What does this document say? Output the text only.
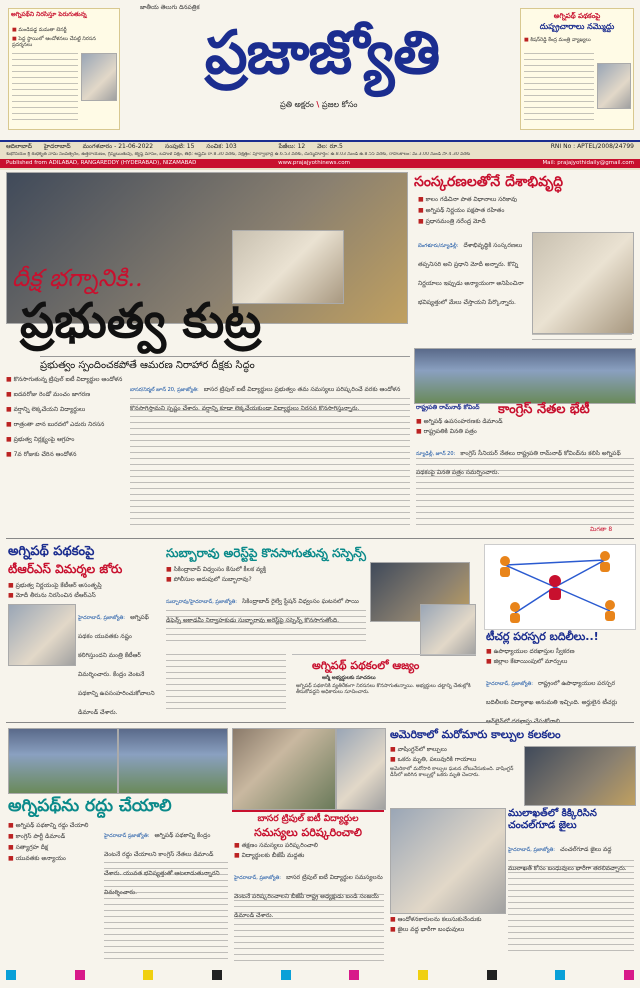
అగ్నిపథ్‌ని నిరసిస్తూ పెరుగుతున్న
■ మండిపడ్డ మమతా బెనర్జీ
■ పెద్ద స్థాయిలో ఆందోళనలు చేపట్టి నిరసన ప్రదర్శనలు
జాతీయ తెలుగు దినపత్రిక
ప్రజాజ్యోతి
ప్రతి అక్షరం \ ప్రజల కోసం
అగ్నిపథ్ పథకంపై
దుష్ప్రచారాలు నమ్మొద్దు
■ కిషన్‌రెడ్డి కేంద్ర మంత్రి వ్యాఖ్యలు
ఆదిలాబాద్ హైదరాబాద్ మంగళవారం - 21-06-2022 సంపుటి: 15 సంచిక: 103	పేజీలు: 12 వెల: రూ.5	RNI No : APTEL/2008/24799
శుభోదయం శ్రీ శుభకృత్ నామ సంవత్సరం, ఉత్తరాయణం, గ్రీష్మఋతువు, జ్యేష్ఠ మాసం, బహుళ పక్షం, తిథి: అష్టమి రా.8.30 వరకు, నక్షత్రం: పూర్వాభాద్ర ఉ.6.53 వరకు, దుర్ముహూర్తం: ఉ.8.03 నుండి ఉ.8.55 వరకు, రాహుకాలం: మ.3.00 నుండి సా.4.30 వరకు
Published from ADILABAD, RANGAREDDY (HYDERABAD), NIZAMABAD	www.prajajyothinews.com	Mail: prajajyothidaily@gmail.com
దీక్ష భగ్నానికి..
ప్రభుత్వ కుట్ర
ప్రభుత్వం స్పందించకపోతే ఆమరణ నిరాహార దీక్షకు సిద్ధం
■ కొనసాగుతున్న ట్రిపుల్ ఐటీ విద్యార్థుల ఆందోళన
■ ఐదవరోజు రెండో మంచం జాగరణ
■ వర్షాన్ని లెక్కచేయని విద్యార్థులు
■ రాత్రంతా వాన బురదలో ఎదురు నిరసన
■ ప్రభుత్వ నిర్లక్ష్యంపై ఆగ్రహం
■ 7వ రోజుకు చేరిన ఆందోళన
బాసర/నిర్మల్ జూన్ 20, ప్రజాజ్యోతి: బాసర ట్రిపుల్ ఐటీ విద్యార్థులు ప్రభుత్వం తమ సమస్యలు పరిష్కరించే వరకు ఆందోళన కొనసాగిస్తామని స్పష్టం చేశారు. వర్షాన్ని కూడా లెక్కచేయకుండా విద్యార్థులు నిరసన కొనసాగిస్తున్నారు.
సంస్కరణలతోనే దేశాభివృద్ధి
■ కాలం గడిచినా పాత విధానాలు సరికావు
■ అగ్నిపథ్ నిర్ణయం పక్షపాత రహితం
■ ప్రధానమంత్రి నరేంద్ర మోదీ
బెంగళూరు/న్యూఢిల్లీ: దేశాభివృద్ధికి సంస్కరణలు తప్పనిసరి అని ప్రధాని మోదీ అన్నారు. కొన్ని నిర్ణయాలు ఇప్పుడు అన్యాయంగా అనిపించినా భవిష్యత్తులో మేలు చేస్తాయని పేర్కొన్నారు.
రాష్ట్రపతి రామ్‌నాథ్ కోవింద్	కాంగ్రెస్ నేతల భేటీ
■ అగ్నిపథ్ ఉపసంహరణకు డిమాండ్
■ రాష్ట్రపతికి వినతి పత్రం
న్యూఢిల్లీ, జూన్ 20: కాంగ్రెస్ సీనియర్ నేతలు రాష్ట్రపతి రామ్‌నాథ్ కోవింద్‌ను కలిసి అగ్నిపథ్ పథకంపై వినతి పత్రం సమర్పించారు.
అగ్నిపథ్ పథకంపై
టీఆర్‌ఎస్ విమర్శల జోరు
■ ప్రభుత్వ నిర్ణయంపై కేటీఆర్ అసంతృప్తి
■ మోదీ తీరును నిరసించిన టీఆర్ఎస్
హైదరాబాద్, ప్రజాజ్యోతి: అగ్నిపథ్ పథకం యువతకు నష్టం కలిగిస్తుందని మంత్రి కేటీఆర్ విమర్శించారు. కేంద్రం వెంటనే పథకాన్ని ఉపసంహరించుకోవాలని డిమాండ్ చేశారు.
సుబ్బారావు అరెస్ట్‌పై కొనసాగుతున్న సస్పెన్స్
■ సికింద్రాబాద్ విధ్వంసం కేసులో కీలక వ్యక్తి
■ పోలీసుల అదుపులో సుబ్బారావు?
సుబ్బారావు/హైదరాబాద్, ప్రజాజ్యోతి: సికింద్రాబాద్ రైల్వే స్టేషన్ విధ్వంసం ఘటనలో సాయి డిఫెన్స్ అకాడమీ నిర్వాహకుడు సుబ్బారావు అరెస్ట్‌పై సస్పెన్స్ కొనసాగుతోంది.
అగ్నిపథ్ పథకంలో ఆజ్యం
ఆర్మీ అభ్యర్థులకు సూచనలు
అగ్నిపథ్ పథకానికి వ్యతిరేకంగా నిరసనలు కొనసాగుతున్నాయి. అభ్యర్థులు చట్టాన్ని చేతుల్లోకి తీసుకోవద్దని అధికారులు సూచించారు.
టీచర్ల పరస్పర బదిలీలు..!
■ ఉపాధ్యాయుల దరఖాస్తుల స్వీకరణ
■ జిల్లాల కేటాయింపులో మార్పులు
హైదరాబాద్, ప్రజాజ్యోతి: రాష్ట్రంలో ఉపాధ్యాయుల పరస్పర బదిలీలకు విద్యాశాఖ అనుమతి ఇచ్చింది. అర్హులైన టీచర్లు
అగ్నిపథ్‌ను రద్దు చేయాలి
■ అగ్నిపథ్ పథకాన్ని రద్దు చేయాలి
■ కాంగ్రెస్ పార్టీ డిమాండ్
■ సత్యాగ్రహ దీక్ష
■ యువతకు అన్యాయం
హైదరాబాద్ ప్రజాజ్యోతి: అగ్నిపథ్ పథకాన్ని కేంద్రం వెంటనే రద్దు చేయాలని కాంగ్రెస్ నేతలు డిమాండ్ చేశారు. యువత భవిష్యత్తుతో ఆటలాడుతున్నారని విమర్శించారు.
బాసర ట్రిపుల్ ఐటీ విద్యార్థుల
సమస్యలు పరిష్కరించాలి
■ తక్షణం సమస్యలు పరిష్కరించాలి
■ విద్యార్థులకు బీజేపీ మద్దతు
హైదరాబాద్, ప్రజాజ్యోతి: బాసర ట్రిపుల్ ఐటీ విద్యార్థుల సమస్యలను వెంటనే పరిష్కరించాలని బీజేపీ రాష్ట్ర అధ్యక్షుడు బండి సంజయ్ డిమాండ్ చేశారు.
అమెరికాలో మరోమారు కాల్పుల కలకలం
■ వాషింగ్టన్‌లో కాల్పులు
■ ఒకరు మృతి, పలువురికి గాయాలు
అమెరికాలో మరోసారి కాల్పుల ఘటన చోటుచేసుకుంది. వాషింగ్టన్ డీసీలో జరిగిన కాల్పుల్లో ఒకరు మృతి చెందారు.
ములాఖత్‌లో కిక్కిరిసిన చంచల్‌గూడ జైలు
హైదరాబాద్, ప్రజాజ్యోతి: చంచల్‌గూడ జైలు వద్ద ములాఖత్ కోసం బంధువులు భారీగా తరలివచ్చారు.
■ ఆందోళనకారులను కలుసుకునేందుకు
■ జైలు వద్ద భారీగా బంధువులు
మిగతా 8
